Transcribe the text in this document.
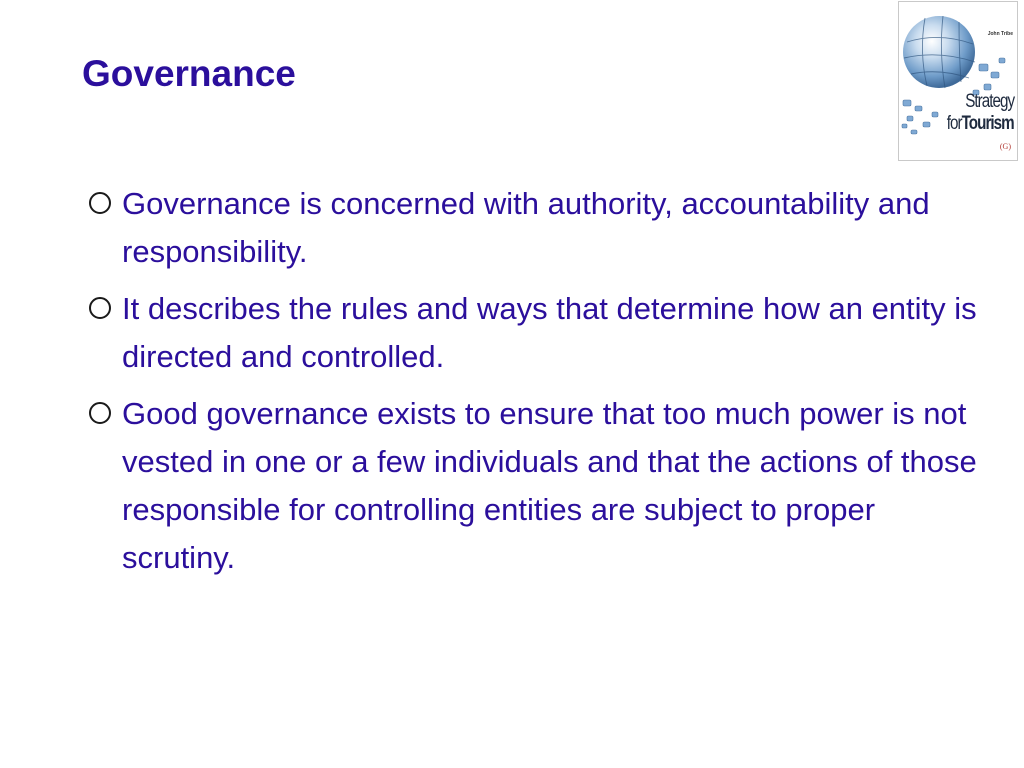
Governance
John Tribe
Strategy
forTourism
(G)
Governance is concerned with authority, accountability and responsibility.
It describes the rules and ways that determine how an entity is directed and controlled.
Good governance exists to ensure that too much power is not vested in one or a few individuals and that the actions of those responsible for controlling entities are subject to proper scrutiny.
